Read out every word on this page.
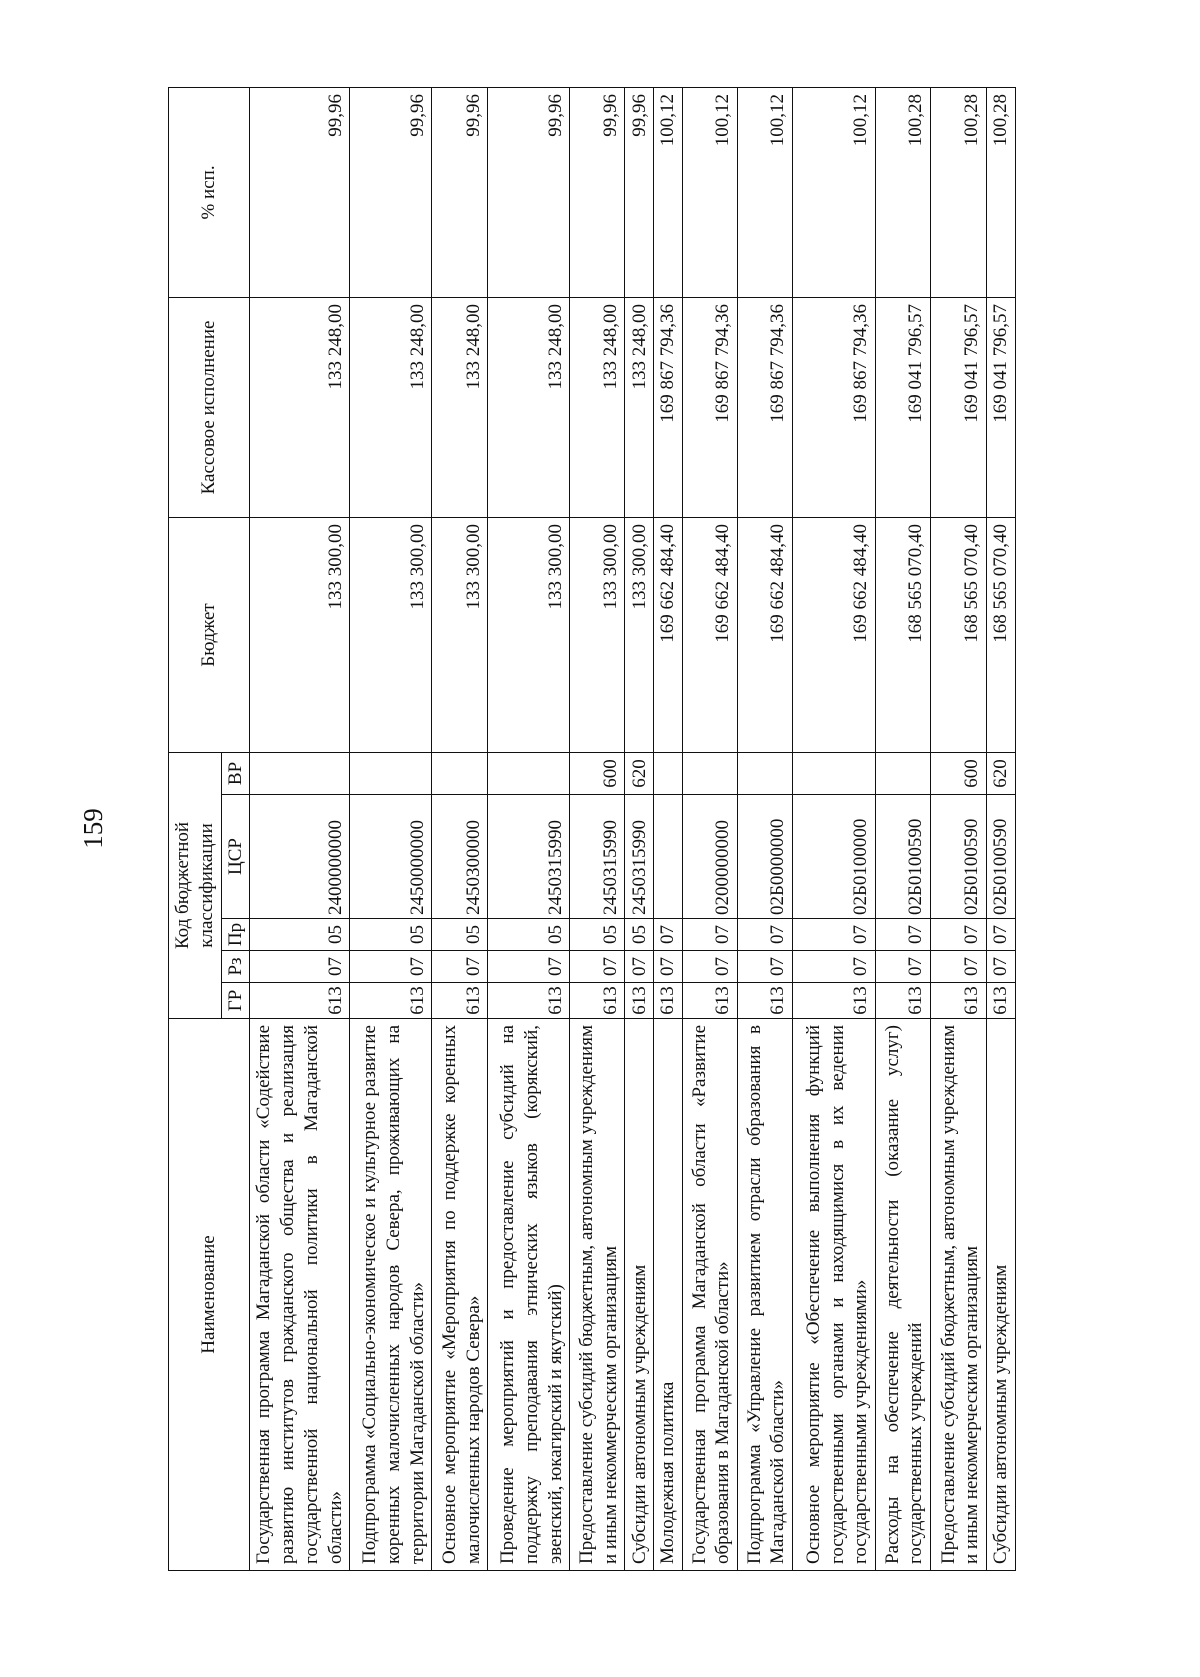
159
Наименование	Код бюджетной классификации					Бюджет	Кассовое исполнение	% исп.
	ГР	Рз	Пр	ЦСР	ВР			
Государственная программа Магаданской области «Содействие развитию институтов гражданского общества и реализация государственной национальной политики в Магаданской области»	613	07	05	2400000000		133 300,00	133 248,00	99,96
Подпрограмма «Социально-экономическое и культурное развитие коренных малочисленных народов Севера, проживающих на территории Магаданской области»	613	07	05	2450000000		133 300,00	133 248,00	99,96
Основное мероприятие «Мероприятия по поддержке коренных малочисленных народов Севера»	613	07	05	2450300000		133 300,00	133 248,00	99,96
Проведение мероприятий и предоставление субсидий на поддержку преподавания этнических языков (корякский, эвенский, юкагирский и якутский)	613	07	05	2450315990		133 300,00	133 248,00	99,96
Предоставление субсидий бюджетным, автономным учреждениям и иным некоммерческим организациям	613	07	05	2450315990	600	133 300,00	133 248,00	99,96
Субсидии автономным учреждениям	613	07	05	2450315990	620	133 300,00	133 248,00	99,96
Молодежная политика	613	07	07			169 662 484,40	169 867 794,36	100,12
Государственная программа Магаданской области «Развитие образования в Магаданской области»	613	07	07	0200000000		169 662 484,40	169 867 794,36	100,12
Подпрограмма «Управление развитием отрасли образования в Магаданской области»	613	07	07	02Б0000000		169 662 484,40	169 867 794,36	100,12
Основное мероприятие «Обеспечение выполнения функций государственными органами и находящимися в их ведении государственными учреждениями»	613	07	07	02Б0100000		169 662 484,40	169 867 794,36	100,12
Расходы на обеспечение деятельности (оказание услуг) государственных учреждений	613	07	07	02Б0100590		168 565 070,40	169 041 796,57	100,28
Предоставление субсидий бюджетным, автономным учреждениям и иным некоммерческим организациям	613	07	07	02Б0100590	600	168 565 070,40	169 041 796,57	100,28
Субсидии автономным учреждениям	613	07	07	02Б0100590	620	168 565 070,40	169 041 796,57	100,28
